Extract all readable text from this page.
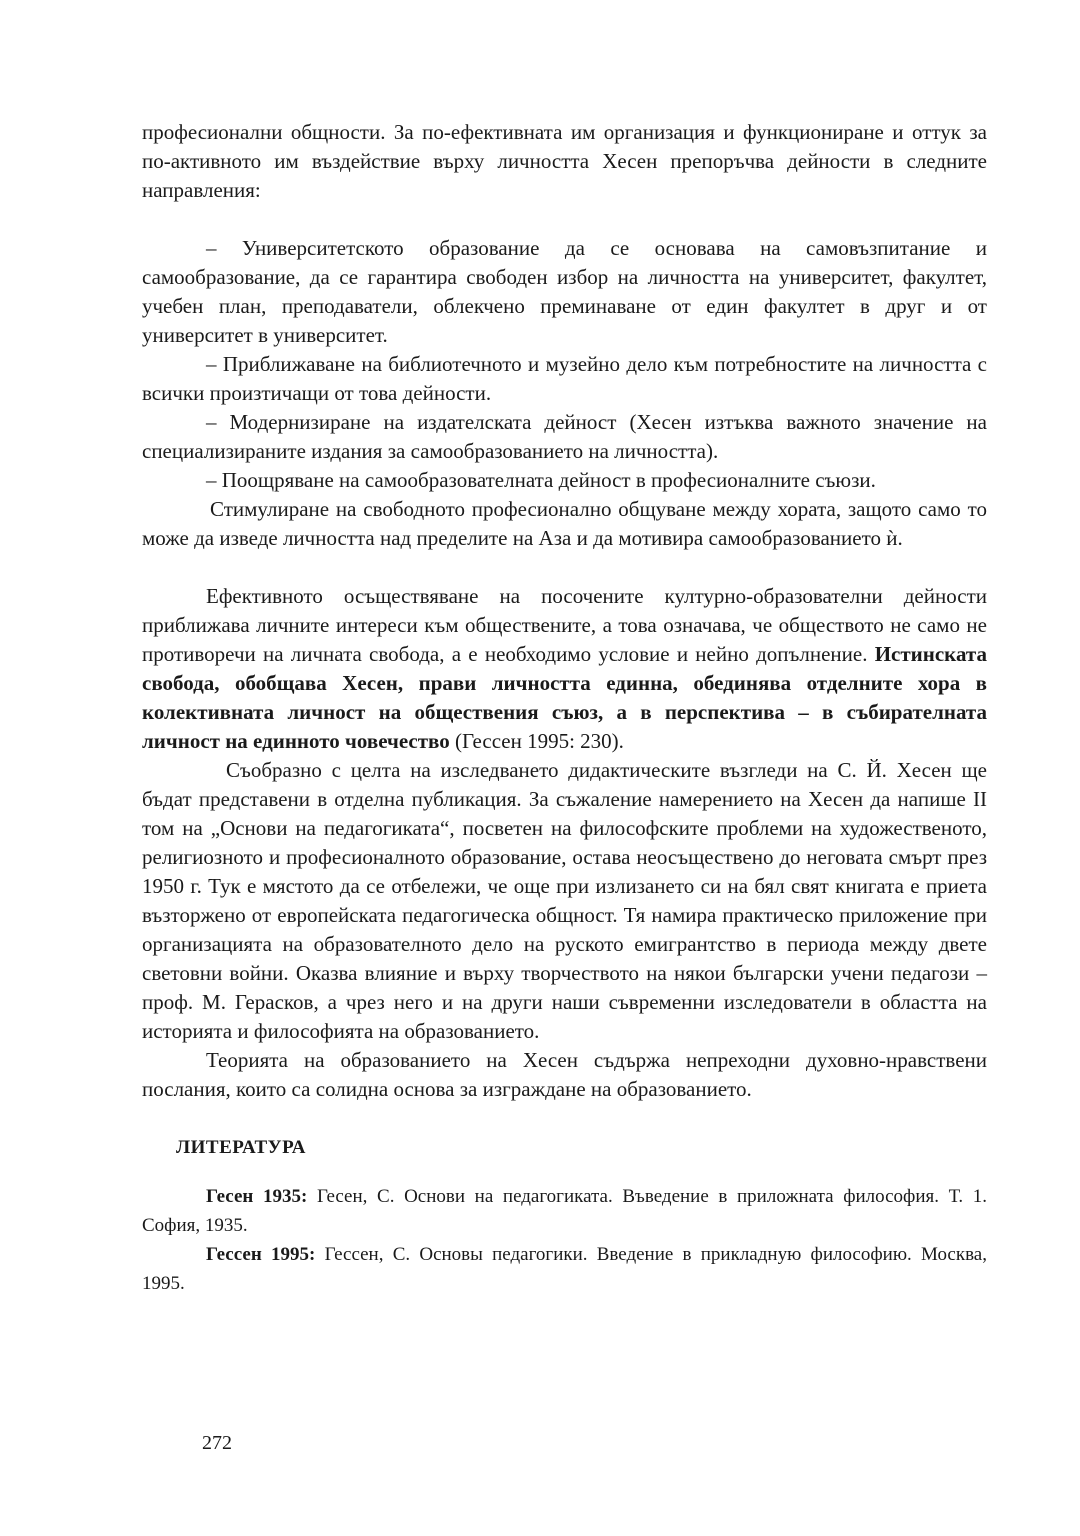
професионални общности. За по-ефективната им организация и функциониране и оттук за по-активното им въздействие върху личността Хесен препоръчва дейности в следните направления:

– Университетското образование да се основава на самовъзпитание и самообразование, да се гарантира свободен избор на личността на университет, факултет, учебен план, преподаватели, облекчено преминаване от един факултет в друг и от университет в университет.

– Приближаване на библиотечното и музейно дело към потребностите на личността с всички произтичащи от това дейности.

– Модернизиране на издателската дейност (Хесен изтъква важното значение на специализираните издания за самообразованието на личността).

– Поощряване на самообразователната дейност в професионалните съюзи.

Стимулиране на свободното професионално общуване между хората, защото само то може да изведе личността над пределите на Аза и да мотивира самообразованието ѝ.

Ефективното осъществяване на посочените културно-образователни дейности приближава личните интереси към обществените, а това означава, че обществото не само не противоречи на личната свобода, а е необходимо условие и нейно допълнение. Истинската свобода, обобщава Хесен, прави личността единна, обединява отделните хора в колективната личност на обществения съюз, а в перспектива – в събирателната личност на единното човечество (Гессен 1995: 230).

Съобразно с целта на изследването дидактическите възгледи на С. Й. Хесен ще бъдат представени в отделна публикация. За съжаление намерението на Хесен да напише II том на „Основи на педагогиката“, посветен на философските проблеми на художественото, религиозното и професионалното образование, остава неосъществено до неговата смърт през 1950 г. Тук е мястото да се отбележи, че още при излизането си на бял свят книгата е приета възторжено от европейската педагогическа общност. Тя намира практическо приложение при организацията на образователното дело на руското емигрантство в периода между двете световни войни. Оказва влияние и върху творчеството на някои български учени педагози – проф. М. Герасков, а чрез него и на други наши съвременни изследователи в областта на историята и философията на образованието.

Теорията на образованието на Хесен съдържа непреходни духовно-нравствени послания, които са солидна основа за изграждане на образованието.

ЛИТЕРАТУРА

Гесен 1935: Гесен, С. Основи на педагогиката. Въведение в приложната философия. Т. 1. София, 1935.

Гессен 1995: Гессен, С. Основы педагогики. Введение в прикладную философию. Москва, 1995.

272
